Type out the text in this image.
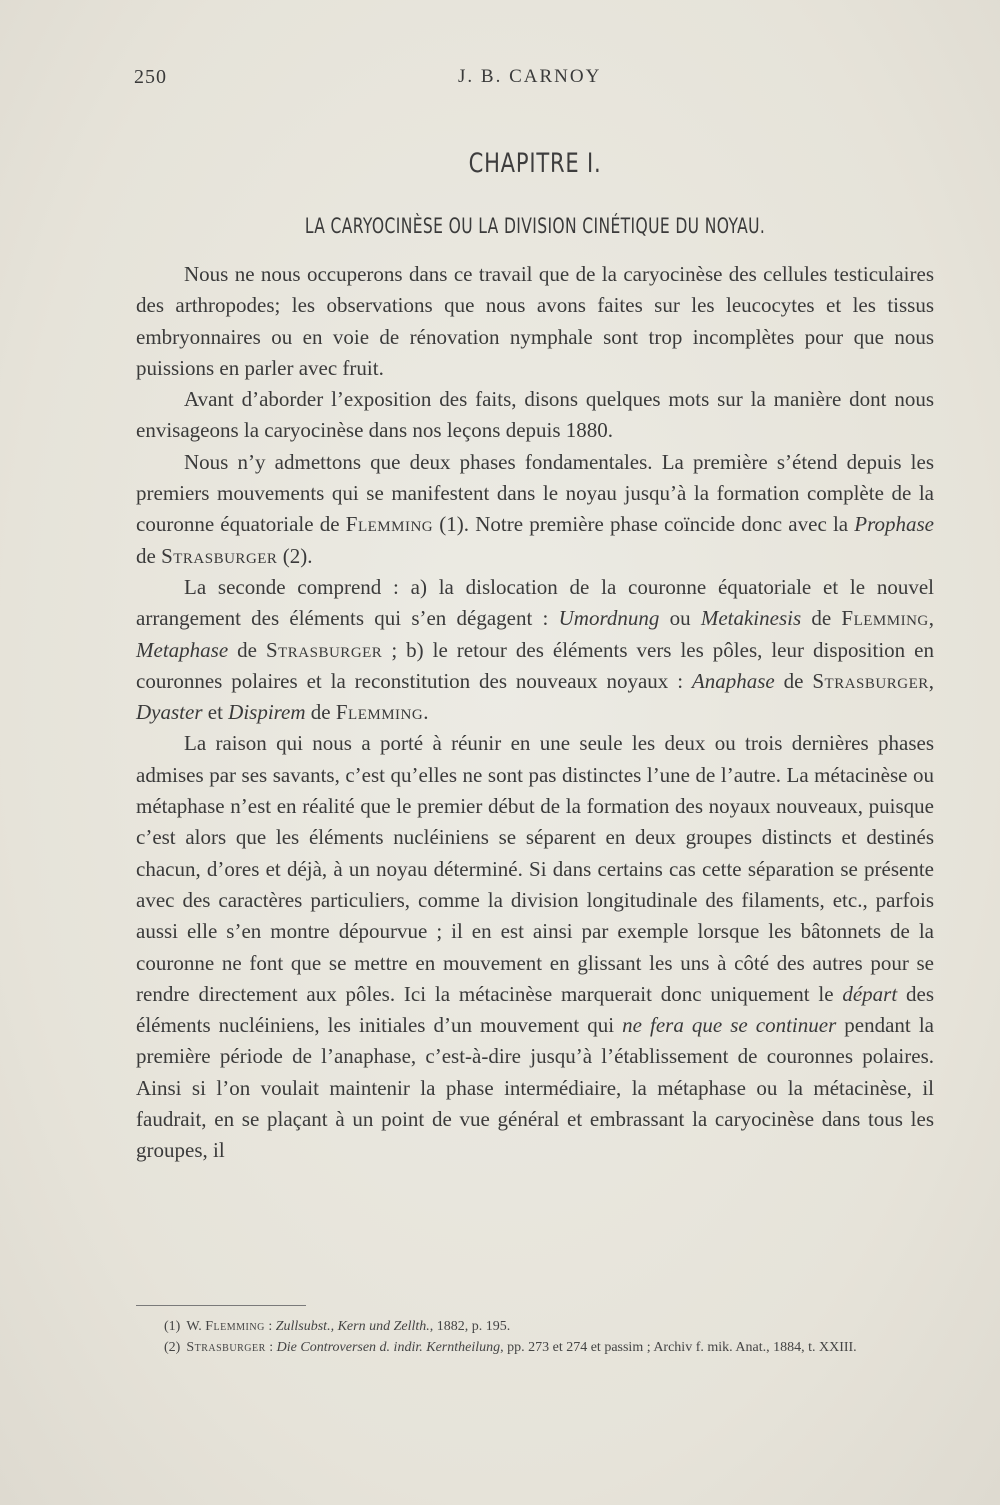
250	J. B. CARNOY
CHAPITRE I.
LA CARYOCINÈSE OU LA DIVISION CINÉTIQUE DU NOYAU.

Nous ne nous occuperons dans ce travail que de la caryocinèse des cellules testiculaires des arthropodes; les observations que nous avons faites sur les leucocytes et les tissus embryonnaires ou en voie de rénovation nymphale sont trop incomplètes pour que nous puissions en parler avec fruit.

Avant d’aborder l’exposition des faits, disons quelques mots sur la manière dont nous envisageons la caryocinèse dans nos leçons depuis 1880.

Nous n’y admettons que deux phases fondamentales. La première s’étend depuis les premiers mouvements qui se manifestent dans le noyau jusqu’à la formation complète de la couronne équatoriale de Flemming (1). Notre première phase coïncide donc avec la Prophase de Strasburger (2).

La seconde comprend : a) la dislocation de la couronne équatoriale et le nouvel arrangement des éléments qui s’en dégagent : Umordnung ou Metakinesis de Flemming, Metaphase de Strasburger ; b) le retour des éléments vers les pôles, leur disposition en couronnes polaires et la reconstitution des nouveaux noyaux : Anaphase de Strasburger, Dyaster et Dispirem de Flemming.

La raison qui nous a porté à réunir en une seule les deux ou trois dernières phases admises par ses savants, c’est qu’elles ne sont pas distinctes l’une de l’autre. La métacinèse ou métaphase n’est en réalité que le premier début de la formation des noyaux nouveaux, puisque c’est alors que les éléments nucléiniens se séparent en deux groupes distincts et destinés chacun, d’ores et déjà, à un noyau déterminé. Si dans certains cas cette séparation se présente avec des caractères particuliers, comme la division longitudinale des filaments, etc., parfois aussi elle s’en montre dépourvue ; il en est ainsi par exemple lorsque les bâtonnets de la couronne ne font que se mettre en mouvement en glissant les uns à côté des autres pour se rendre directement aux pôles. Ici la métacinèse marquerait donc uniquement le départ des éléments nucléiniens, les initiales d’un mouvement qui ne fera que se continuer pendant la première période de l’anaphase, c’est-à-dire jusqu’à l’établissement de couronnes polaires. Ainsi si l’on voulait maintenir la phase intermédiaire, la métaphase ou la métacinèse, il faudrait, en se plaçant à un point de vue général et embrassant la caryocinèse dans tous les groupes, il

(1) W. Flemming : Zullsubst., Kern und Zellth., 1882, p. 195.

(2) Strasburger : Die Controversen d. indir. Kerntheilung, pp. 273 et 274 et passim ; Archiv f. mik. Anat., 1884, t. XXIII.
